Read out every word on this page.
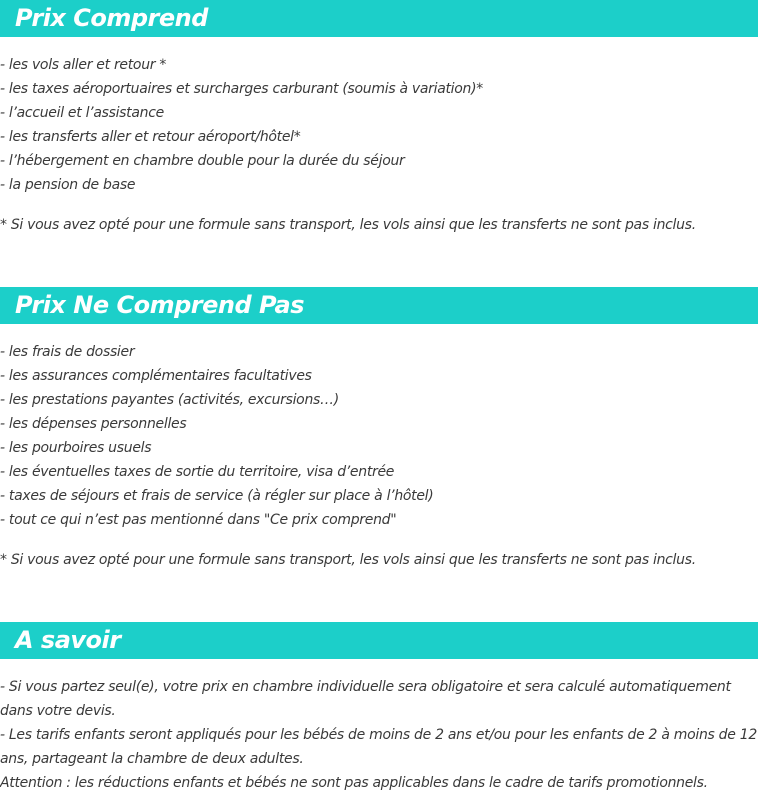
Prix Comprend
- les vols aller et retour *
- les taxes aéroportuaires et surcharges carburant (soumis à variation)*
- l’accueil et l’assistance
- les transferts aller et retour aéroport/hôtel*
- l’hébergement en chambre double pour la durée du séjour
- la pension de base
* Si vous avez opté pour une formule sans transport, les vols ainsi que les transferts ne sont pas inclus.
Prix Ne Comprend Pas
- les frais de dossier
- les assurances complémentaires facultatives
- les prestations payantes (activités, excursions…)
- les dépenses personnelles
- les pourboires usuels
- les éventuelles taxes de sortie du territoire, visa d’entrée
- taxes de séjours et frais de service (à régler sur place à l’hôtel)
- tout ce qui n’est pas mentionné dans "Ce prix comprend"
* Si vous avez opté pour une formule sans transport, les vols ainsi que les transferts ne sont pas inclus.
A savoir

- Si vous partez seul(e), votre prix en chambre individuelle sera obligatoire et sera calculé automatiquement dans votre devis.

- Les tarifs enfants seront appliqués pour les bébés de moins de 2 ans et/ou pour les enfants de 2 à moins de 12 ans, partageant la chambre de deux adultes.

Attention : les réductions enfants et bébés ne sont pas applicables dans le cadre de tarifs promotionnels.
